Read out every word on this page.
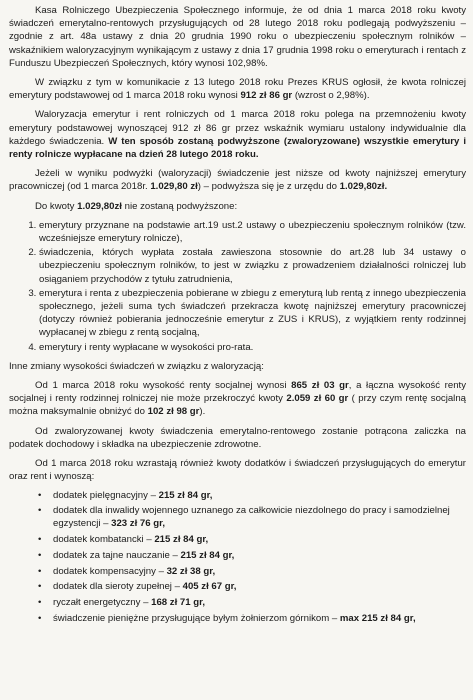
Kasa Rolniczego Ubezpieczenia Społecznego informuje, że od dnia 1 marca 2018 roku kwoty świadczeń emerytalno-rentowych przysługujących od 28 lutego 2018 roku podlegają podwyższeniu – zgodnie z art. 48a ustawy z dnia 20 grudnia 1990 roku o ubezpieczeniu społecznym rolników – wskaźnikiem waloryzacyjnym wynikającym z ustawy z dnia 17 grudnia 1998 roku o emeryturach i rentach z Funduszu Ubezpieczeń Społecznych, który wynosi 102,98%.

W związku z tym w komunikacie z 13 lutego 2018 roku Prezes KRUS ogłosił, że kwota rolniczej emerytury podstawowej od 1 marca 2018 roku wynosi 912 zł 86 gr (wzrost o 2,98%).

Waloryzacja emerytur i rent rolniczych od 1 marca 2018 roku polega na przemnożeniu kwoty emerytury podstawowej wynoszącej 912 zł 86 gr przez wskaźnik wymiaru ustalony indywidualnie dla każdego świadczenia. W ten sposób zostaną podwyższone (zwaloryzowane) wszystkie emerytury i renty rolnicze wypłacane na dzień 28 lutego 2018 roku.

Jeżeli w wyniku podwyżki (waloryzacji) świadczenie jest niższe od kwoty najniższej emerytury pracowniczej (od 1 marca 2018r. 1.029,80 zł) – podwyższa się je z urzędu do 1.029,80zł.

Do kwoty 1.029,80zł nie zostaną podwyższone:

1. emerytury przyznane na podstawie art.19 ust.2 ustawy o ubezpieczeniu społecznym rolników (tzw. wcześniejsze emerytury rolnicze),
2. świadczenia, których wypłata została zawieszona stosownie do art.28 lub 34 ustawy o ubezpieczeniu społecznym rolników, to jest w związku z prowadzeniem działalności rolniczej lub osiąganiem przychodów z tytułu zatrudnienia,
3. emerytura i renta z ubezpieczenia pobierane w zbiegu z emeryturą lub rentą z innego ubezpieczenia społecznego, jeżeli suma tych świadczeń przekracza kwotę najniższej emerytury pracowniczej (dotyczy również pobierania jednocześnie emerytur z ZUS i KRUS), z wyjątkiem renty rodzinnej wypłacanej w zbiegu z rentą socjalną,
4. emerytury i renty wypłacane w wysokości pro-rata.

Inne zmiany wysokości świadczeń w związku z waloryzacją:

Od 1 marca 2018 roku wysokość renty socjalnej wynosi 865 zł 03 gr, a łączna wysokość renty socjalnej i renty rodzinnej rolniczej nie może przekroczyć kwoty 2.059 zł 60 gr ( przy czym rentę socjalną można maksymalnie obniżyć do 102 zł 98 gr).

Od zwaloryzowanej kwoty świadczenia emerytalno-rentowego zostanie potrącona zaliczka na podatek dochodowy i składka na ubezpieczenie zdrowotne.

Od 1 marca 2018 roku wzrastają również kwoty dodatków i świadczeń przysługujących do emerytur oraz rent i wynoszą:

• dodatek pielęgnacyjny – 215 zł 84 gr,
• dodatek dla inwalidy wojennego uznanego za całkowicie niezdolnego do pracy i samodzielnej egzystencji – 323 zł 76 gr,
• dodatek kombatancki – 215 zł 84 gr,
• dodatek za tajne nauczanie – 215 zł 84 gr,
• dodatek kompensacyjny – 32 zł 38 gr,
• dodatek dla sieroty zupełnej – 405 zł 67 gr,
• ryczałt energetyczny – 168 zł 71 gr,
• świadczenie pieniężne przysługujące byłym żołnierzom górnikom – max 215 zł 84 gr,
